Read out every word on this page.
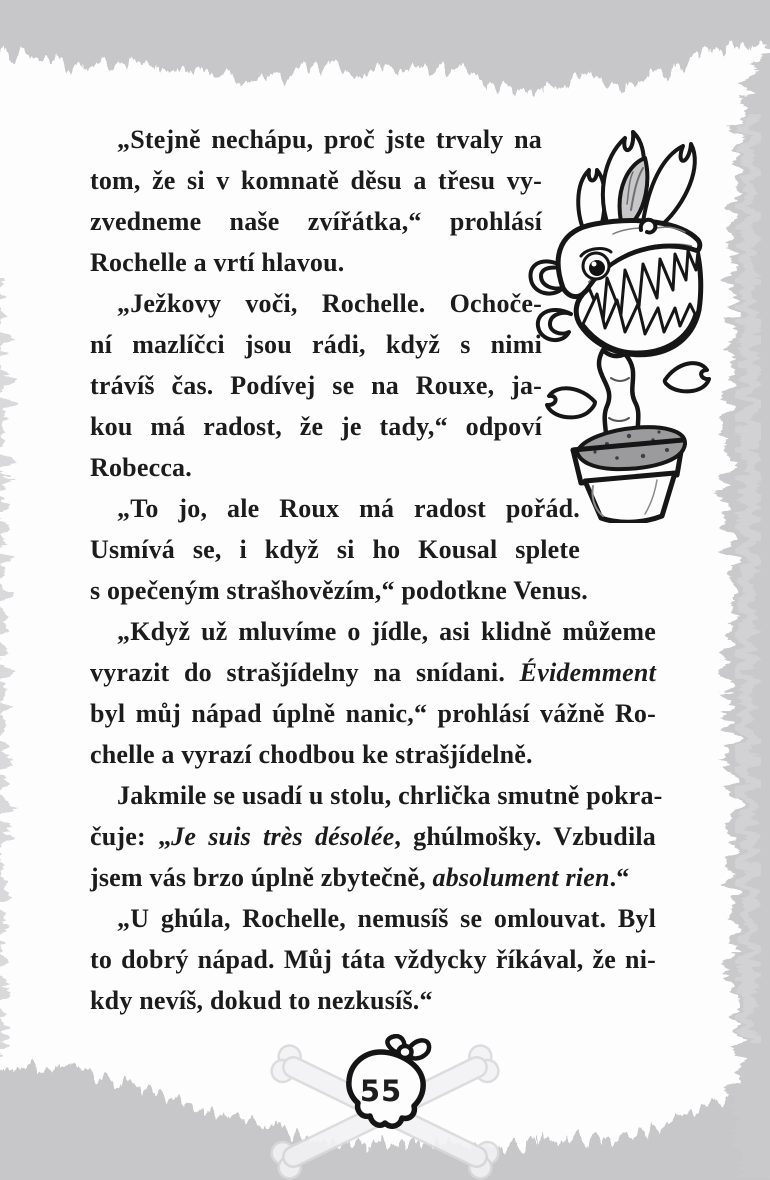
„Stejně nechápu, proč jste trvaly na
tom, že si v komnatě děsu a třesu vy-
zvedneme naše zvířátka,“ prohlásí
Rochelle a vrtí hlavou.
„Ježkovy voči, Rochelle. Ochoče-
ní mazlíčci jsou rádi, když s nimi
trávíš čas. Podívej se na Rouxe, ja-
kou má radost, že je tady,“ odpoví
Robecca.
„To jo, ale Roux má radost pořád.
Usmívá se, i když si ho Kousal splete
s opečeným strašhovězím,“ podotkne Venus.
„Když už mluvíme o jídle, asi klidně můžeme
vyrazit do strašjídelny na snídani. Évidemment
byl můj nápad úplně nanic,“ prohlásí vážně Ro-
chelle a vyrazí chodbou ke strašjídelně.
Jakmile se usadí u stolu, chrlička smutně pokra-
čuje: „Je suis très désolée, ghúlmošky. Vzbudila
jsem vás brzo úplně zbytečně, absolument rien.“
„U ghúla, Rochelle, nemusíš se omlouvat. Byl
to dobrý nápad. Můj táta vždycky říkával, že ni-
kdy nevíš, dokud to nezkusíš.“
55
